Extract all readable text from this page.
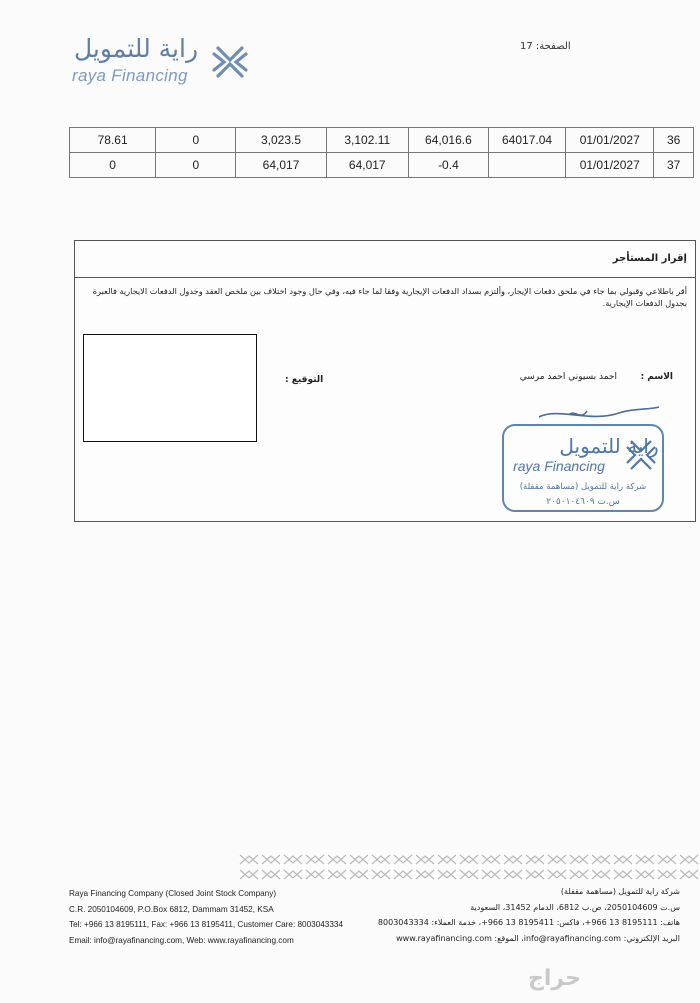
راية للتمويل
raya Financing
الصفحة: 17
78.61	0	3,023.5	3,102.11	64,016.6	64017.04	01/01/2027	36
0	0	64,017	64,017	-0.4		01/01/2027	37
إقرار المستأجر
أقر باطلاعي وقبولي بما جاء في ملحق دفعات الإيجار، وألتزم بسداد الدفعات الإيجارية وفقا لما جاء فيه، وفي حال وجود اختلاف بين ملخص العقد وجدول الدفعات الايجارية فالعبرة بجدول الدفعات الإيجارية.
الاسم :
احمد بسيوني احمد مرسي
التوقيع :
راية للتمويل
raya Financing
شركة راية للتمويل (مساهمة مقفلة)
س.ت ٢٠٥٠١٠٤٦٠٩
Raya Financing Company (Closed Joint Stock Company)
C.R. 2050104609, P.O.Box 6812, Dammam 31452, KSA
Tel: +966 13 8195111, Fax: +966 13 8195411, Customer Care: 8003043334
Email: info@rayafinancing.com, Web: www.rayafinancing.com
شركة راية للتمويل (مساهمة مقفلة)
س.ت 2050104609، ص.ب 6812، الدمام 31452، السعودية
هاتف: 8195111 13 966+، فاكس: 8195411 13 966+، خدمة العملاء: 8003043334
البريد الإلكتروني: info@rayafinancing.com، الموقع: www.rayafinancing.com
حراج
